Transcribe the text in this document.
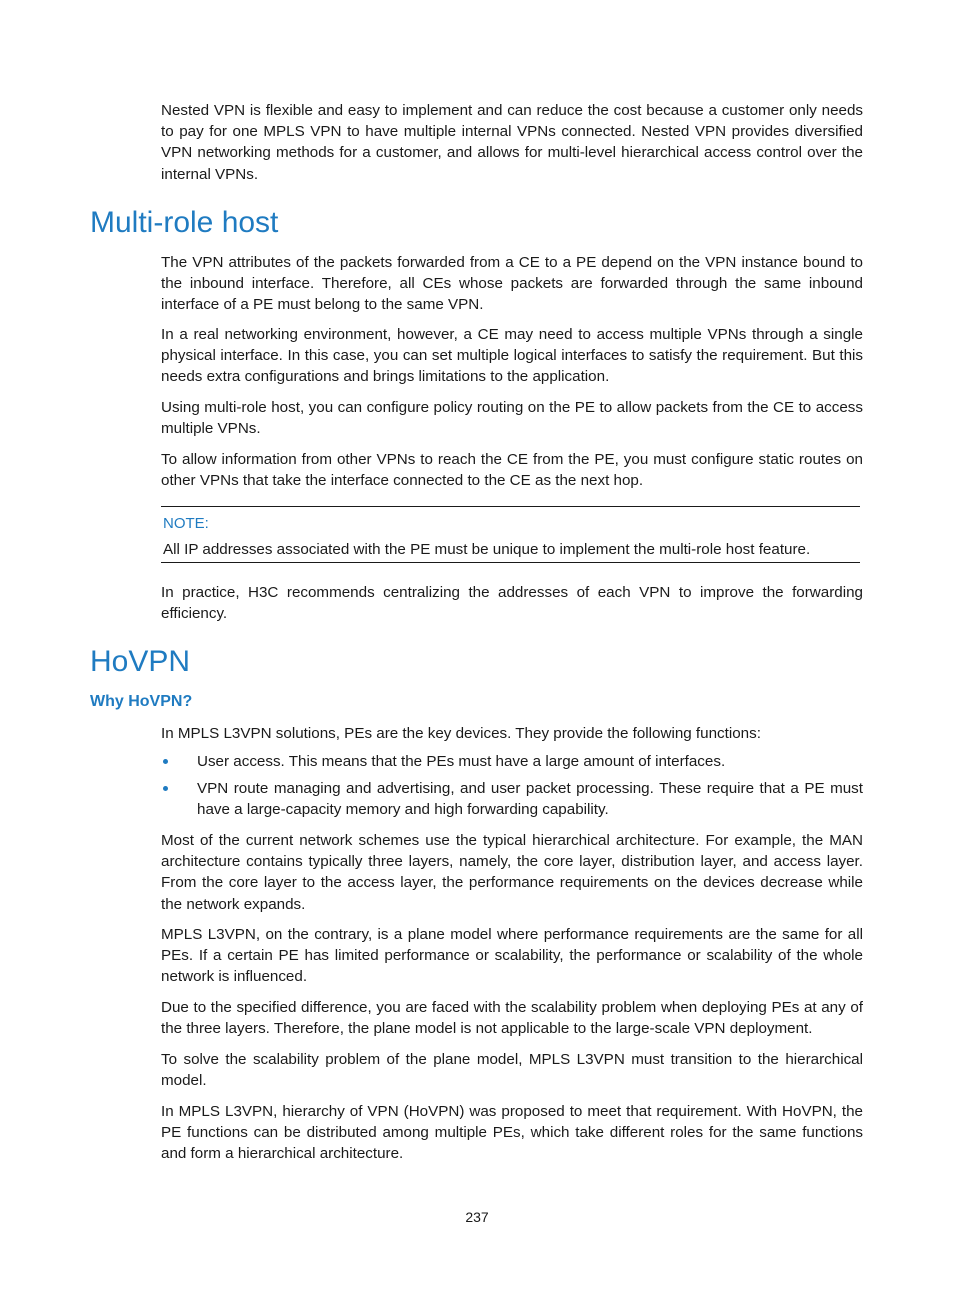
Nested VPN is flexible and easy to implement and can reduce the cost because a customer only needs to pay for one MPLS VPN to have multiple internal VPNs connected. Nested VPN provides diversified VPN networking methods for a customer, and allows for multi-level hierarchical access control over the internal VPNs.

Multi-role host

The VPN attributes of the packets forwarded from a CE to a PE depend on the VPN instance bound to the inbound interface. Therefore, all CEs whose packets are forwarded through the same inbound interface of a PE must belong to the same VPN.

In a real networking environment, however, a CE may need to access multiple VPNs through a single physical interface. In this case, you can set multiple logical interfaces to satisfy the requirement. But this needs extra configurations and brings limitations to the application.

Using multi-role host, you can configure policy routing on the PE to allow packets from the CE to access multiple VPNs.

To allow information from other VPNs to reach the CE from the PE, you must configure static routes on other VPNs that take the interface connected to the CE as the next hop.

NOTE:
All IP addresses associated with the PE must be unique to implement the multi-role host feature.

In practice, H3C recommends centralizing the addresses of each VPN to improve the forwarding efficiency.

HoVPN
Why HoVPN?

In MPLS L3VPN solutions, PEs are the key devices. They provide the following functions:

User access. This means that the PEs must have a large amount of interfaces.

VPN route managing and advertising, and user packet processing. These require that a PE must have a large-capacity memory and high forwarding capability.

Most of the current network schemes use the typical hierarchical architecture. For example, the MAN architecture contains typically three layers, namely, the core layer, distribution layer, and access layer. From the core layer to the access layer, the performance requirements on the devices decrease while the network expands.

MPLS L3VPN, on the contrary, is a plane model where performance requirements are the same for all PEs. If a certain PE has limited performance or scalability, the performance or scalability of the whole network is influenced.

Due to the specified difference, you are faced with the scalability problem when deploying PEs at any of the three layers. Therefore, the plane model is not applicable to the large-scale VPN deployment.

To solve the scalability problem of the plane model, MPLS L3VPN must transition to the hierarchical model.

In MPLS L3VPN, hierarchy of VPN (HoVPN) was proposed to meet that requirement. With HoVPN, the PE functions can be distributed among multiple PEs, which take different roles for the same functions and form a hierarchical architecture.

237
